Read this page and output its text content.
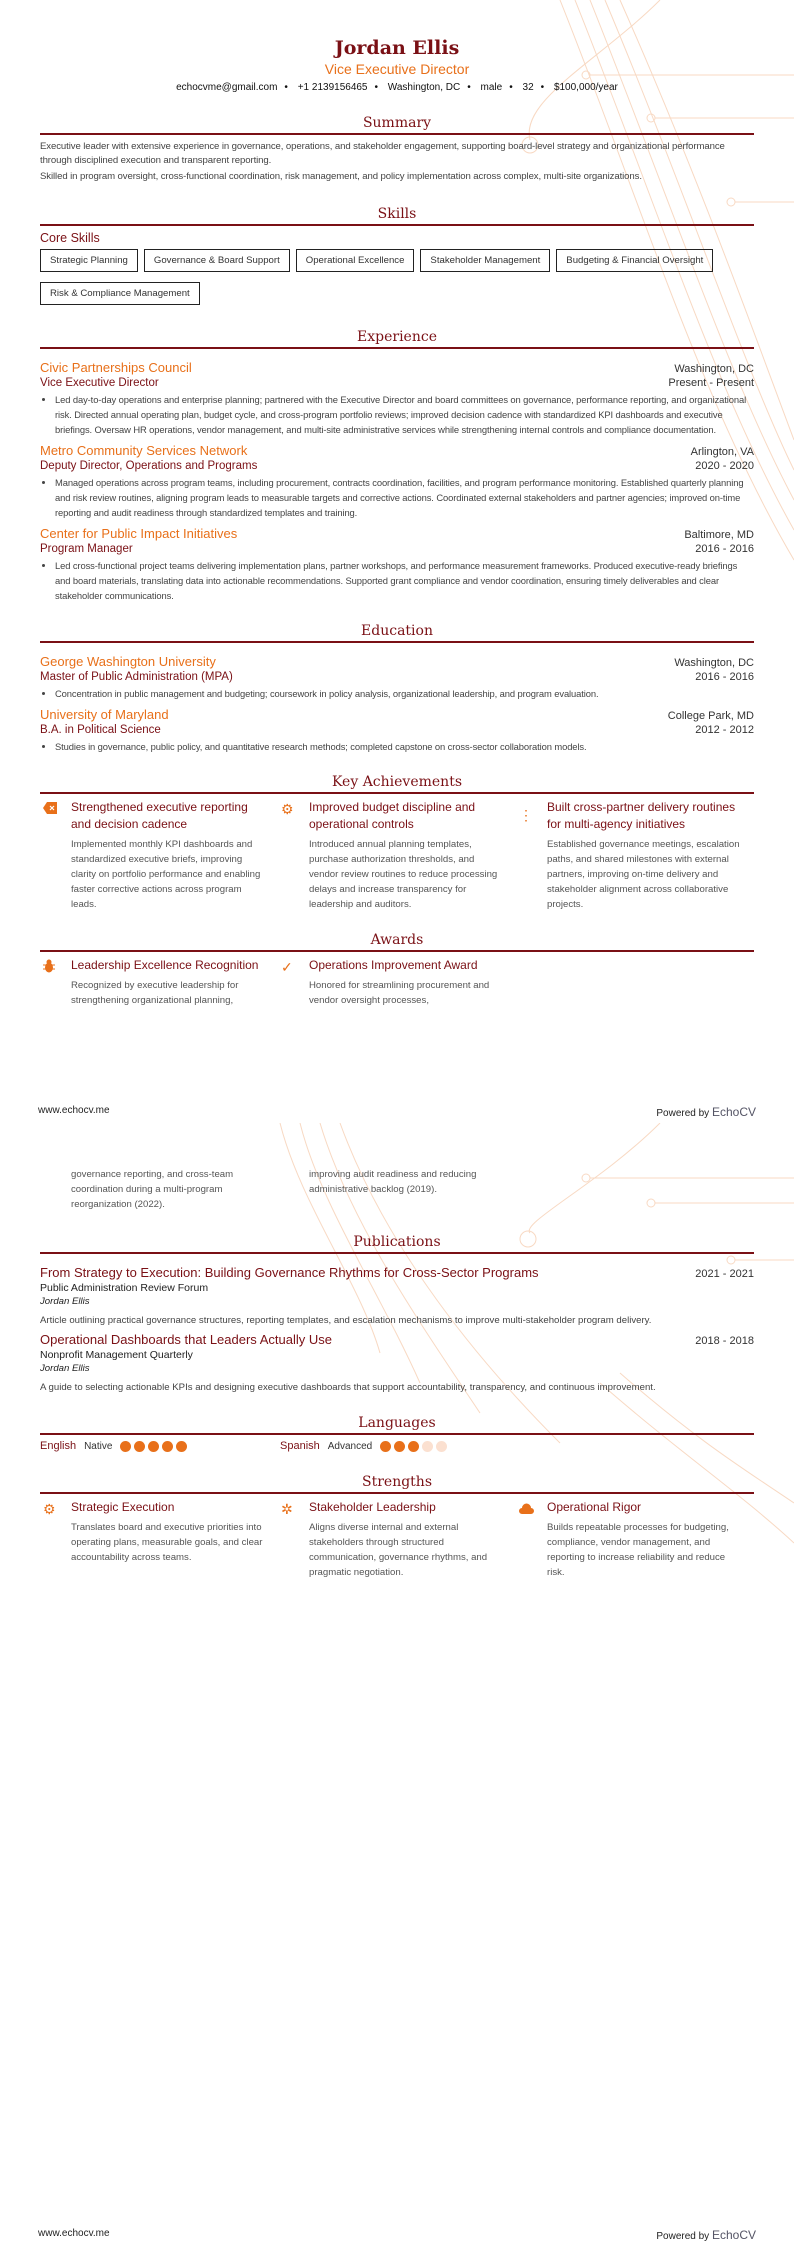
Jordan Ellis
Vice Executive Director
echocvme@gmail.com • +1 2139156465 • Washington, DC • male • 32 • $100,000/year
Summary
Executive leader with extensive experience in governance, operations, and stakeholder engagement, supporting board-level strategy and organizational performance through disciplined execution and transparent reporting.
Skilled in program oversight, cross-functional coordination, risk management, and policy implementation across complex, multi-site organizations.
Skills
Core Skills
Strategic Planning	Governance & Board Support	Operational Excellence	Stakeholder Management	Budgeting & Financial Oversight
Risk & Compliance Management
Experience
Civic Partnerships Council	Washington, DC
Vice Executive Director	Present - Present
• Led day-to-day operations and enterprise planning; partnered with the Executive Director and board committees on governance, performance reporting, and organizational risk. Directed annual operating plan, budget cycle, and cross-program portfolio reviews; improved decision cadence with standardized KPI dashboards and executive briefings. Oversaw HR operations, vendor management, and multi-site administrative services while strengthening internal controls and compliance documentation.
Metro Community Services Network	Arlington, VA
Deputy Director, Operations and Programs	2020 - 2020
• Managed operations across program teams, including procurement, contracts coordination, facilities, and program performance monitoring. Established quarterly planning and risk review routines, aligning program leads to measurable targets and corrective actions. Coordinated external stakeholders and partner agencies; improved on-time reporting and audit readiness through standardized templates and training.
Center for Public Impact Initiatives	Baltimore, MD
Program Manager	2016 - 2016
• Led cross-functional project teams delivering implementation plans, partner workshops, and performance measurement frameworks. Produced executive-ready briefings and board materials, translating data into actionable recommendations. Supported grant compliance and vendor coordination, ensuring timely deliverables and clear stakeholder communications.
Education
George Washington University	Washington, DC
Master of Public Administration (MPA)	2016 - 2016
• Concentration in public management and budgeting; coursework in policy analysis, organizational leadership, and program evaluation.
University of Maryland	College Park, MD
B.A. in Political Science	2012 - 2012
• Studies in governance, public policy, and quantitative research methods; completed capstone on cross-sector collaboration models.
Key Achievements
Strengthened executive reporting and decision cadence
Implemented monthly KPI dashboards and standardized executive briefs, improving clarity on portfolio performance and enabling faster corrective actions across program leads.
⚙	Improved budget discipline and operational controls
Introduced annual planning templates, purchase authorization thresholds, and vendor review routines to reduce processing delays and increase transparency for leadership and auditors.
⋮	Built cross-partner delivery routines for multi-agency initiatives
Established governance meetings, escalation paths, and shared milestones with external partners, improving on-time delivery and stakeholder alignment across collaborative projects.
Awards
Leadership Excellence Recognition
Recognized by executive leadership for strengthening organizational planning,
✓	Operations Improvement Award
Honored for streamlining procurement and vendor oversight processes,
www.echocv.me	Powered by EchoCV
governance reporting, and cross-team coordination during a multi-program reorganization (2022).
improving audit readiness and reducing administrative backlog (2019).
Publications
From Strategy to Execution: Building Governance Rhythms for Cross-Sector Programs	2021 - 2021
Public Administration Review Forum
Jordan Ellis
Article outlining practical governance structures, reporting templates, and escalation mechanisms to improve multi-stakeholder program delivery.
Operational Dashboards that Leaders Actually Use	2018 - 2018
Nonprofit Management Quarterly
Jordan Ellis
A guide to selecting actionable KPIs and designing executive dashboards that support accountability, transparency, and continuous improvement.
Languages
English Native	Spanish Advanced
Strengths
⚙	Strategic Execution
Translates board and executive priorities into operating plans, measurable goals, and clear accountability across teams.
✲	Stakeholder Leadership
Aligns diverse internal and external stakeholders through structured communication, governance rhythms, and pragmatic negotiation.
Operational Rigor
Builds repeatable processes for budgeting, compliance, vendor management, and reporting to increase reliability and reduce risk.
www.echocv.me	Powered by EchoCV
